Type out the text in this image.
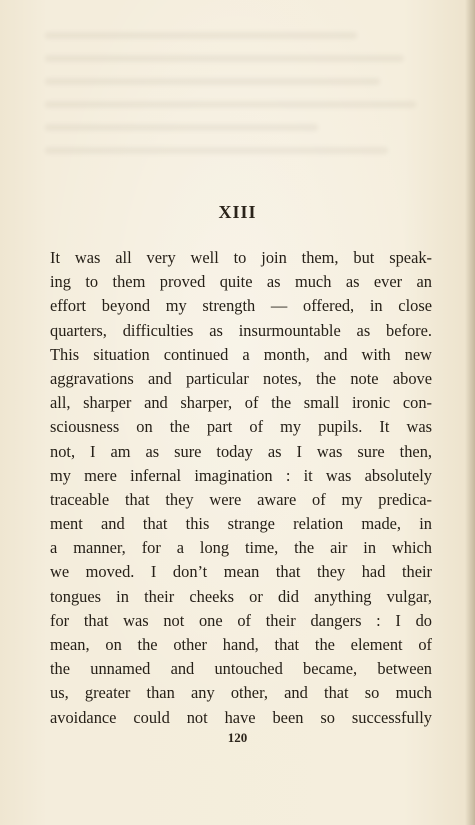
XIII
It was all very well to join them, but speak-
ing to them proved quite as much as ever an
effort beyond my strength — offered, in close
quarters, difficulties as insurmountable as before.
This situation continued a month, and with new
aggravations and particular notes, the note above
all, sharper and sharper, of the small ironic con-
sciousness on the part of my pupils. It was
not, I am as sure today as I was sure then,
my mere infernal imagination : it was absolutely
traceable that they were aware of my predica-
ment and that this strange relation made, in
a manner, for a long time, the air in which
we moved. I don’t mean that they had their
tongues in their cheeks or did anything vulgar,
for that was not one of their dangers : I do
mean, on the other hand, that the element of
the unnamed and untouched became, between
us, greater than any other, and that so much
avoidance could not have been so successfully
120
